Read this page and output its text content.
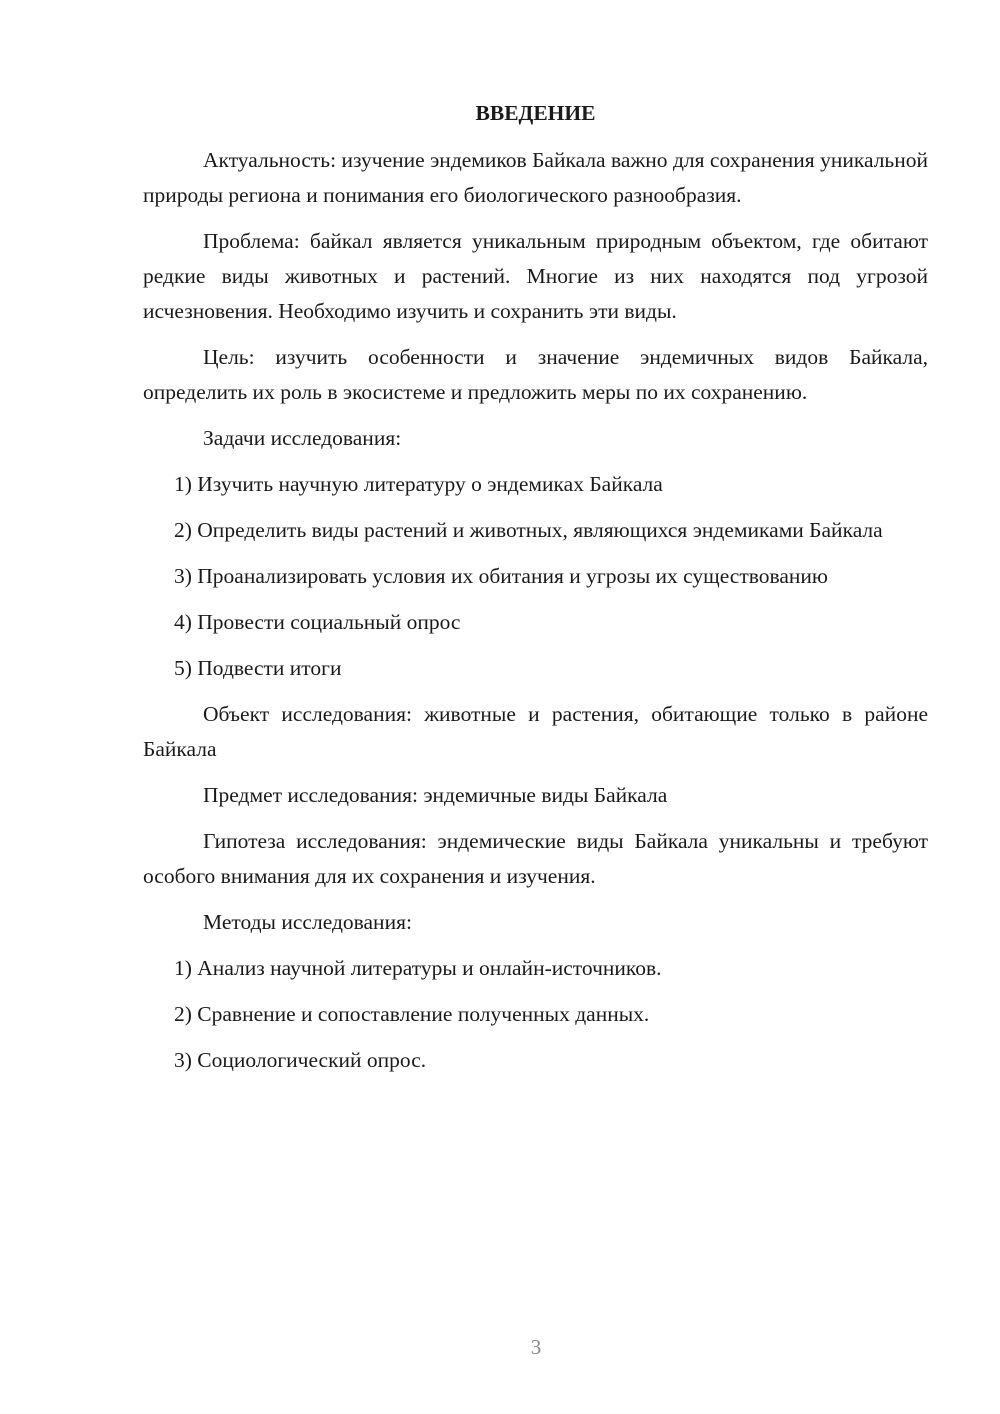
ВВЕДЕНИЕ

Актуальность: изучение эндемиков Байкала важно для сохранения уникальной природы региона и понимания его биологического разнообразия.

Проблема: байкал является уникальным природным объектом, где обитают редкие виды животных и растений. Многие из них находятся под угрозой исчезновения. Необходимо изучить и сохранить эти виды.

Цель: изучить особенности и значение эндемичных видов Байкала, определить их роль в экосистеме и предложить меры по их сохранению.

Задачи исследования:

1) Изучить научную литературу о эндемиках Байкала

2) Определить виды растений и животных, являющихся эндемиками Байкала

3) Проанализировать условия их обитания и угрозы их существованию

4) Провести социальный опрос

5) Подвести итоги

Объект исследования: животные и растения, обитающие только в районе Байкала

Предмет исследования: эндемичные виды Байкала

Гипотеза исследования: эндемические виды Байкала уникальны и требуют особого внимания для их сохранения и изучения.

Методы исследования:

1) Анализ научной литературы и онлайн-источников.

2) Сравнение и сопоставление полученных данных.

3) Социологический опрос.

3
